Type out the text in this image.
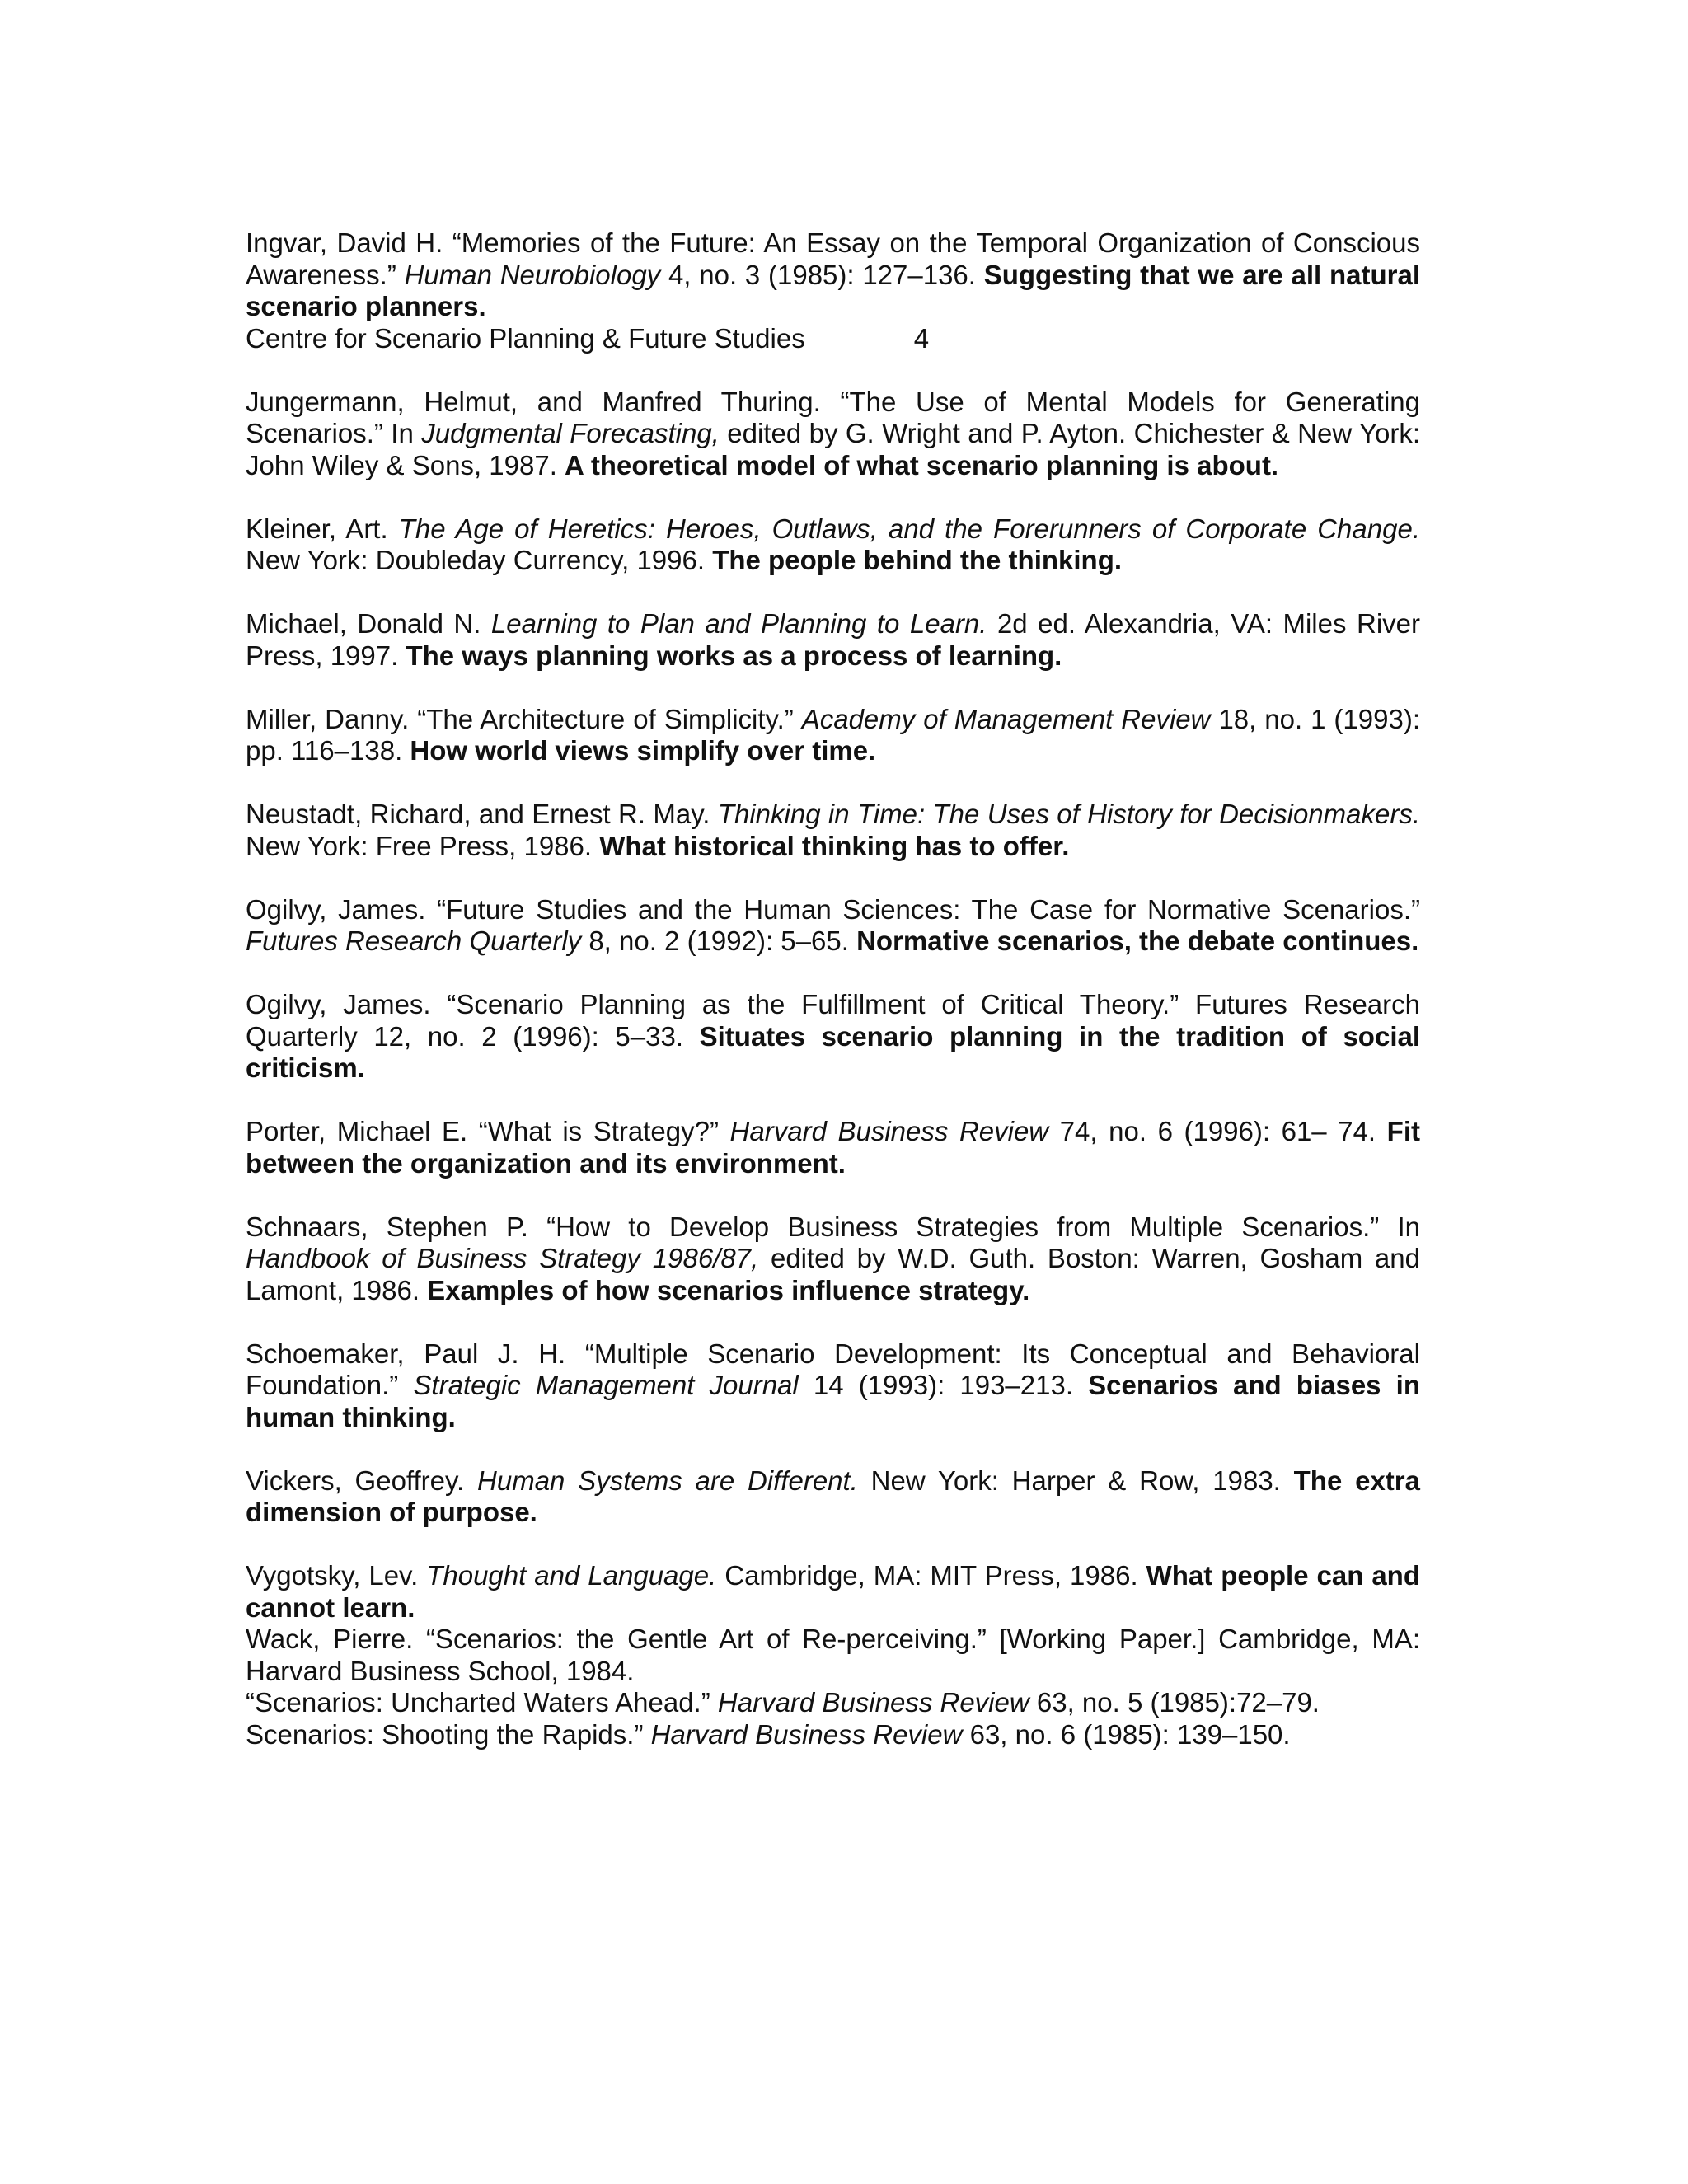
Ingvar, David H. “Memories of the Future: An Essay on the Temporal Organization of Conscious Awareness.” Human Neurobiology 4, no. 3 (1985): 127–136. Suggesting that we are all natural scenario planners.

Centre for Scenario Planning & Future Studies	4

Jungermann, Helmut, and Manfred Thuring. “The Use of Mental Models for Generating Scenarios.” In Judgmental Forecasting, edited by G. Wright and P. Ayton. Chichester & New York: John Wiley & Sons, 1987. A theoretical model of what scenario planning is about.

Kleiner, Art. The Age of Heretics: Heroes, Outlaws, and the Forerunners of Corporate Change. New York: Doubleday Currency, 1996. The people behind the thinking.

Michael, Donald N. Learning to Plan and Planning to Learn. 2d ed. Alexandria, VA: Miles River Press, 1997. The ways planning works as a process of learning.

Miller, Danny. “The Architecture of Simplicity.” Academy of Management Review 18, no. 1 (1993): pp. 116–138. How world views simplify over time.

Neustadt, Richard, and Ernest R. May. Thinking in Time: The Uses of History for Decisionmakers. New York: Free Press, 1986. What historical thinking has to offer.

Ogilvy, James. “Future Studies and the Human Sciences: The Case for Normative Scenarios.” Futures Research Quarterly 8, no. 2 (1992): 5–65. Normative scenarios, the debate continues.

Ogilvy, James. “Scenario Planning as the Fulfillment of Critical Theory.” Futures Research Quarterly 12, no. 2 (1996): 5–33. Situates scenario planning in the tradition of social criticism.

Porter, Michael E. “What is Strategy?” Harvard Business Review 74, no. 6 (1996): 61– 74. Fit between the organization and its environment.

Schnaars, Stephen P. “How to Develop Business Strategies from Multiple Scenarios.” In Handbook of Business Strategy 1986/87, edited by W.D. Guth. Boston: Warren, Gosham and Lamont, 1986. Examples of how scenarios influence strategy.

Schoemaker, Paul J. H. “Multiple Scenario Development: Its Conceptual and Behavioral Foundation.” Strategic Management Journal 14 (1993): 193–213. Scenarios and biases in human thinking.

Vickers, Geoffrey. Human Systems are Different. New York: Harper & Row, 1983. The extra dimension of purpose.

Vygotsky, Lev. Thought and Language. Cambridge, MA: MIT Press, 1986. What people can and cannot learn.

Wack, Pierre. “Scenarios: the Gentle Art of Re-perceiving.” [Working Paper.] Cambridge, MA: Harvard Business School, 1984.

“Scenarios: Uncharted Waters Ahead.” Harvard Business Review 63, no. 5 (1985):72–79.

Scenarios: Shooting the Rapids.” Harvard Business Review 63, no. 6 (1985): 139–150.
